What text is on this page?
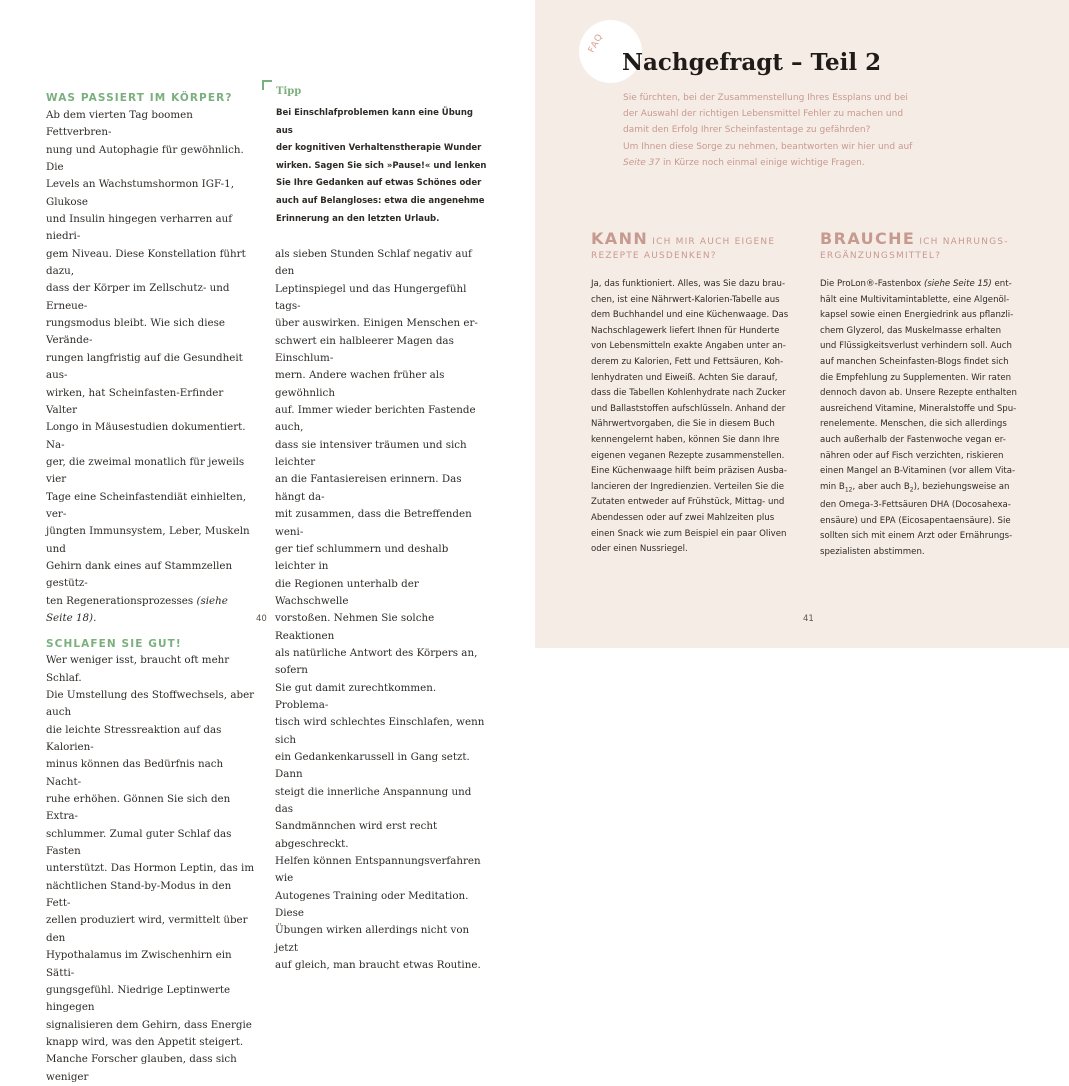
WAS PASSIERT IM KÖRPER?
Ab dem vierten Tag boomen Fettverbren-
nung und Autophagie für gewöhnlich. Die
Levels an Wachstumshormon IGF-1, Glukose
und Insulin hingegen verharren auf niedri-
gem Niveau. Diese Konstellation führt dazu,
dass der Körper im Zellschutz- und Erneue-
rungsmodus bleibt. Wie sich diese Verände-
rungen langfristig auf die Gesundheit aus-
wirken, hat Scheinfasten-Erfinder Valter
Longo in Mäusestudien dokumentiert. Na-
ger, die zweimal monatlich für jeweils vier
Tage eine Scheinfastendiät einhielten, ver-
jüngten Immunsystem, Leber, Muskeln und
Gehirn dank eines auf Stammzellen gestütz-
ten Regenerationsprozesses (siehe Seite 18).
SCHLAFEN SIE GUT!
Wer weniger isst, braucht oft mehr Schlaf.
Die Umstellung des Stoffwechsels, aber auch
die leichte Stressreaktion auf das Kalorien-
minus können das Bedürfnis nach Nacht-
ruhe erhöhen. Gönnen Sie sich den Extra-
schlummer. Zumal guter Schlaf das Fasten
unterstützt. Das Hormon Leptin, das im
nächtlichen Stand-by-Modus in den Fett-
zellen produziert wird, vermittelt über den
Hypothalamus im Zwischenhirn ein Sätti-
gungsgefühl. Niedrige Leptinwerte hingegen
signalisieren dem Gehirn, dass Energie
knapp wird, was den Appetit steigert.
Manche Forscher glauben, dass sich weniger
Tipp
Bei Einschlafproblemen kann eine Übung aus
der kognitiven Verhaltenstherapie Wunder
wirken. Sagen Sie sich »Pause!« und lenken
Sie Ihre Gedanken auf etwas Schönes oder
auch auf Belangloses: etwa die angenehme
Erinnerung an den letzten Urlaub.
als sieben Stunden Schlaf negativ auf den
Leptinspiegel und das Hungergefühl tags-
über auswirken. Einigen Menschen er-
schwert ein halbleerer Magen das Einschlum-
mern. Andere wachen früher als gewöhnlich
auf. Immer wieder berichten Fastende auch,
dass sie intensiver träumen und sich leichter
an die Fantasiereisen erinnern. Das hängt da-
mit zusammen, dass die Betreffenden weni-
ger tief schlummern und deshalb leichter in
die Regionen unterhalb der Wachschwelle
vorstoßen. Nehmen Sie solche Reaktionen
als natürliche Antwort des Körpers an, sofern
Sie gut damit zurechtkommen. Problema-
tisch wird schlechtes Einschlafen, wenn sich
ein Gedankenkarussell in Gang setzt. Dann
steigt die innerliche Anspannung und das
Sandmännchen wird erst recht abgeschreckt.
Helfen können Entspannungsverfahren wie
Autogenes Training oder Meditation. Diese
Übungen wirken allerdings nicht von jetzt
auf gleich, man braucht etwas Routine.
40
FAQ
Nachgefragt – Teil 2
Sie fürchten, bei der Zusammenstellung Ihres Essplans und bei
der Auswahl der richtigen Lebensmittel Fehler zu machen und
damit den Erfolg Ihrer Scheinfastentage zu gefährden?
Um Ihnen diese Sorge zu nehmen, beantworten wir hier und auf
Seite 37 in Kürze noch einmal einige wichtige Fragen.
KANN ICH MIR AUCH EIGENE
REZEPTE AUSDENKEN?
Ja, das funktioniert. Alles, was Sie dazu brau-
chen, ist eine Nährwert-Kalorien-Tabelle aus
dem Buchhandel und eine Küchenwaage. Das
Nachschlagewerk liefert Ihnen für Hunderte
von Lebensmitteln exakte Angaben unter an-
derem zu Kalorien, Fett und Fettsäuren, Koh-
lenhydraten und Eiweiß. Achten Sie darauf,
dass die Tabellen Kohlenhydrate nach Zucker
und Ballaststoffen aufschlüsseln. Anhand der
Nährwertvorgaben, die Sie in diesem Buch
kennengelernt haben, können Sie dann Ihre
eigenen veganen Rezepte zusammenstellen.
Eine Küchenwaage hilft beim präzisen Ausba-
lancieren der Ingredienzien. Verteilen Sie die
Zutaten entweder auf Frühstück, Mittag- und
Abendessen oder auf zwei Mahlzeiten plus
einen Snack wie zum Beispiel ein paar Oliven
oder einen Nussriegel.
BRAUCHE ICH NAHRUNGS-
ERGÄNZUNGSMITTEL?
Die ProLon®-Fastenbox (siehe Seite 15) ent-
hält eine Multivitamintablette, eine Algenöl-
kapsel sowie einen Energiedrink aus pflanzli-
chem Glyzerol, das Muskelmasse erhalten
und Flüssigkeitsverlust verhindern soll. Auch
auf manchen Scheinfasten-Blogs findet sich
die Empfehlung zu Supplementen. Wir raten
dennoch davon ab. Unsere Rezepte enthalten
ausreichend Vitamine, Mineralstoffe und Spu-
renelemente. Menschen, die sich allerdings
auch außerhalb der Fastenwoche vegan er-
nähren oder auf Fisch verzichten, riskieren
einen Mangel an B-Vitaminen (vor allem Vita-
$\min B_{12}$, aber auch $B_2$), beziehungsweise an
den Omega-3-Fettsäuren DHA (Docosahexa-
ensäure) und EPA (Eicosapentaensäure). Sie
sollten sich mit einem Arzt oder Ernährungs-
spezialisten abstimmen.
41
